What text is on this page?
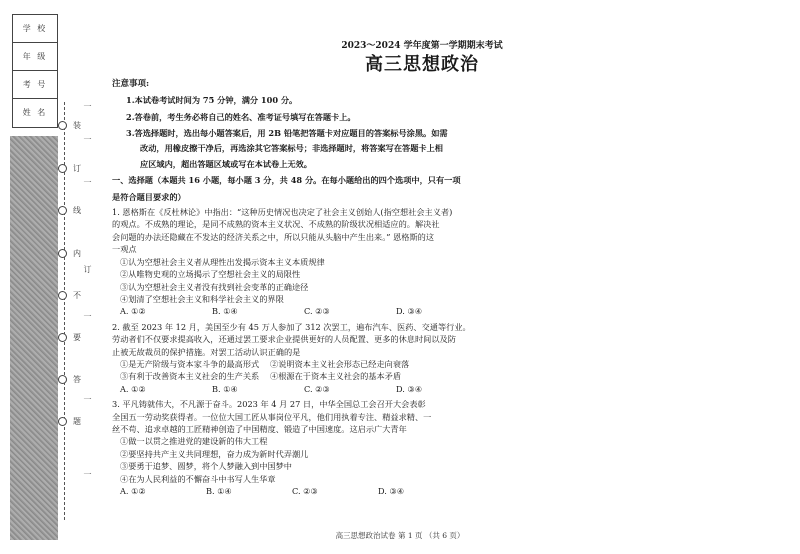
学 校
年 级
考 号
姓 名
装
订
线
内
不
要
答
题
一
一
一
订
一
一
一
2023～2024 学年度第一学期期末考试
高三思想政治
注意事项:
1.本试卷考试时间为 75 分钟，满分 100 分。
2.答卷前，考生务必将自己的姓名、准考证号填写在答题卡上。
3.答选择题时，选出每小题答案后，用 2B 铅笔把答题卡对应题目的答案标号涂黑。如需
改动，用橡皮擦干净后，再选涂其它答案标号；非选择题时，将答案写在答题卡上相
应区域内，超出答题区域或写在本试卷上无效。
一、选择题（本题共 16 小题，每小题 3 分，共 48 分。在每小题给出的四个选项中，只有一项
是符合题目要求的）
1. 恩格斯在《反杜林论》中指出：“这种历史情况也决定了社会主义创始人(指空想社会主义者)
的观点。不成熟的理论，是同不成熟的资本主义状况、不成熟的阶级状况相适应的。解决社
会问题的办法还隐藏在不发达的经济关系之中，所以只能从头脑中产生出来。” 恩格斯的这
一观点
①认为空想社会主义者从理性出发揭示资本主义本质规律
②从唯物史观的立场揭示了空想社会主义的局限性
③认为空想社会主义者没有找到社会变革的正确途径
④划清了空想社会主义和科学社会主义的界限
A. ①②	B. ①④	C. ②③	D. ③④
2. 截至 2023 年 12 月，美国至少有 45 万人参加了 312 次罢工，遍布汽车、医药、交通等行业。
劳动者们不仅要求提高收入，还通过罢工要求企业提供更好的人员配置、更多的休息时间以及防
止被无故裁员的保护措施。对罢工活动认识正确的是
①是无产阶级与资本家斗争的最高形式	②说明资本主义社会形态已经走向衰落
③有利于改善资本主义社会的生产关系	④根源在于资本主义社会的基本矛盾
A. ①②	B. ①④	C. ②③	D. ③④
3. 平凡铸就伟大，不凡源于奋斗。2023 年 4 月 27 日，中华全国总工会召开大会表彰
全国五一劳动奖获得者。一位位大国工匠从事岗位平凡，他们用执着专注、精益求精、一
丝不苟、追求卓越的工匠精神创造了中国精度、锻造了中国速度。这启示广大青年
①做一以贯之推进党的建设新的伟大工程
②要坚持共产主义共同理想，奋力成为新时代弄潮儿
③要勇于追梦、圆梦，将个人梦融入到中国梦中
④在为人民利益的不懈奋斗中书写人生华章
A. ①②	B. ①④	C. ②③	D. ③④
高三思想政治试卷 第 1 页 （共 6 页）
